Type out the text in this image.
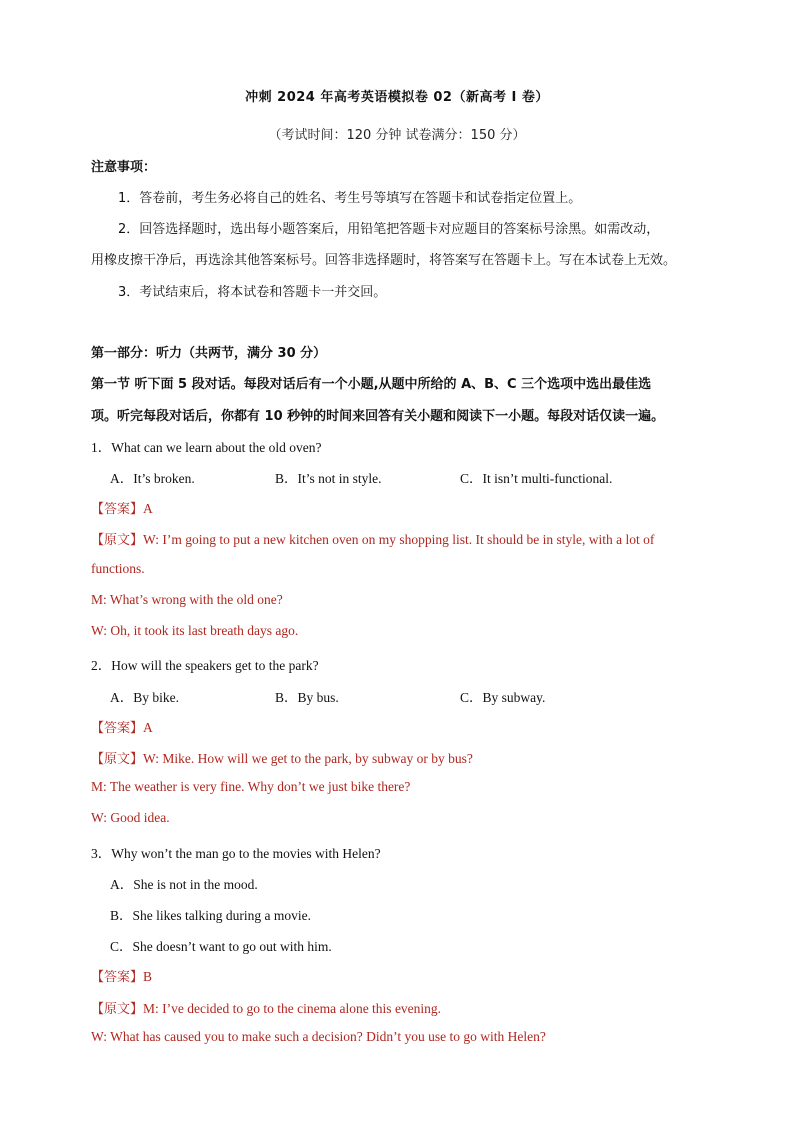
冲刺 2024 年高考英语模拟卷 02（新高考 I 卷）
（考试时间：120 分钟 试卷满分：150 分）
注意事项：
1．答卷前，考生务必将自己的姓名、考生号等填写在答题卡和试卷指定位置上。
2．回答选择题时，选出每小题答案后，用铅笔把答题卡对应题目的答案标号涂黑。如需改动，
用橡皮擦干净后，再选涂其他答案标号。回答非选择题时，将答案写在答题卡上。写在本试卷上无效。
3．考试结束后，将本试卷和答题卡一并交回。
第一部分：听力（共两节，满分 30 分）
第一节 听下面 5 段对话。每段对话后有一个小题,从题中所给的 A、B、C 三个选项中选出最佳选
项。听完每段对话后，你都有 10 秒钟的时间来回答有关小题和阅读下一小题。每段对话仅读一遍。
1．What can we learn about the old oven?
A．It’s broken.	B．It’s not in style.	C．It isn’t multi-functional.
【答案】A
【原文】W: I’m going to put a new kitchen oven on my shopping list. It should be in style, with a lot of
functions.
M: What’s wrong with the old one?
W: Oh, it took its last breath days ago.
2．How will the speakers get to the park?
A．By bike.	B．By bus.	C．By subway.
【答案】A
【原文】W: Mike. How will we get to the park, by subway or by bus?
M: The weather is very fine. Why don’t we just bike there?
W: Good idea.
3．Why won’t the man go to the movies with Helen?
A．She is not in the mood.
B．She likes talking during a movie.
C．She doesn’t want to go out with him.
【答案】B
【原文】M: I’ve decided to go to the cinema alone this evening.
W: What has caused you to make such a decision? Didn’t you use to go with Helen?
